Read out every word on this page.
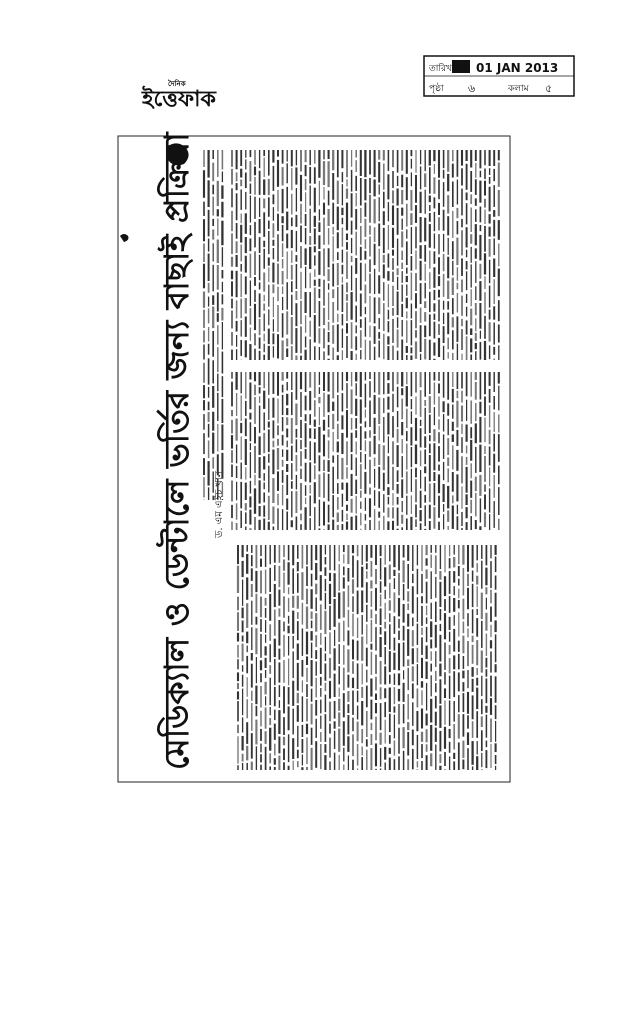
দৈনিক
ইত্তেফাক
তারিখ 01 JAN 2013
পৃষ্ঠা ৬	কলাম ৫
মেডিক্যাল ও ডেন্টালে ভর্তির জন্য বাছাই প্রক্রিয়া ড. এম এইচ খান
